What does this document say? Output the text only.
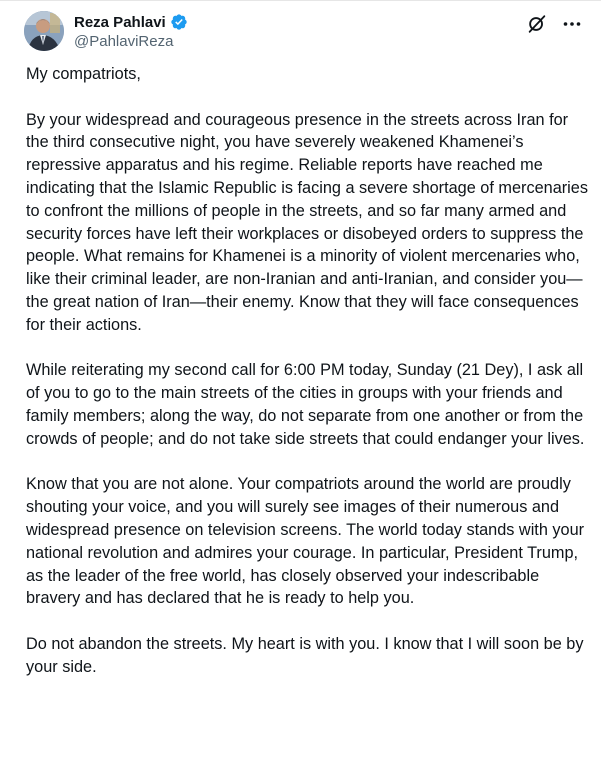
Reza Pahlavi
@PahlaviReza

My compatriots,

By your widespread and courageous presence in the streets across Iran for the third consecutive night, you have severely weakened Khamenei’s repressive apparatus and his regime. Reliable reports have reached me indicating that the Islamic Republic is facing a severe shortage of mercenaries to confront the millions of people in the streets, and so far many armed and security forces have left their workplaces or disobeyed orders to suppress the people. What remains for Khamenei is a minority of violent mercenaries who, like their criminal leader, are non-Iranian and anti-Iranian, and consider you—the great nation of Iran—their enemy. Know that they will face consequences for their actions.

While reiterating my second call for 6:00 PM today, Sunday (21 Dey), I ask all of you to go to the main streets of the cities in groups with your friends and family members; along the way, do not separate from one another or from the crowds of people; and do not take side streets that could endanger your lives.

Know that you are not alone. Your compatriots around the world are proudly shouting your voice, and you will surely see images of their numerous and widespread presence on television screens. The world today stands with your national revolution and admires your courage. In particular, President Trump, as the leader of the free world, has closely observed your indescribable bravery and has declared that he is ready to help you.

Do not abandon the streets. My heart is with you. I know that I will soon be by your side.
